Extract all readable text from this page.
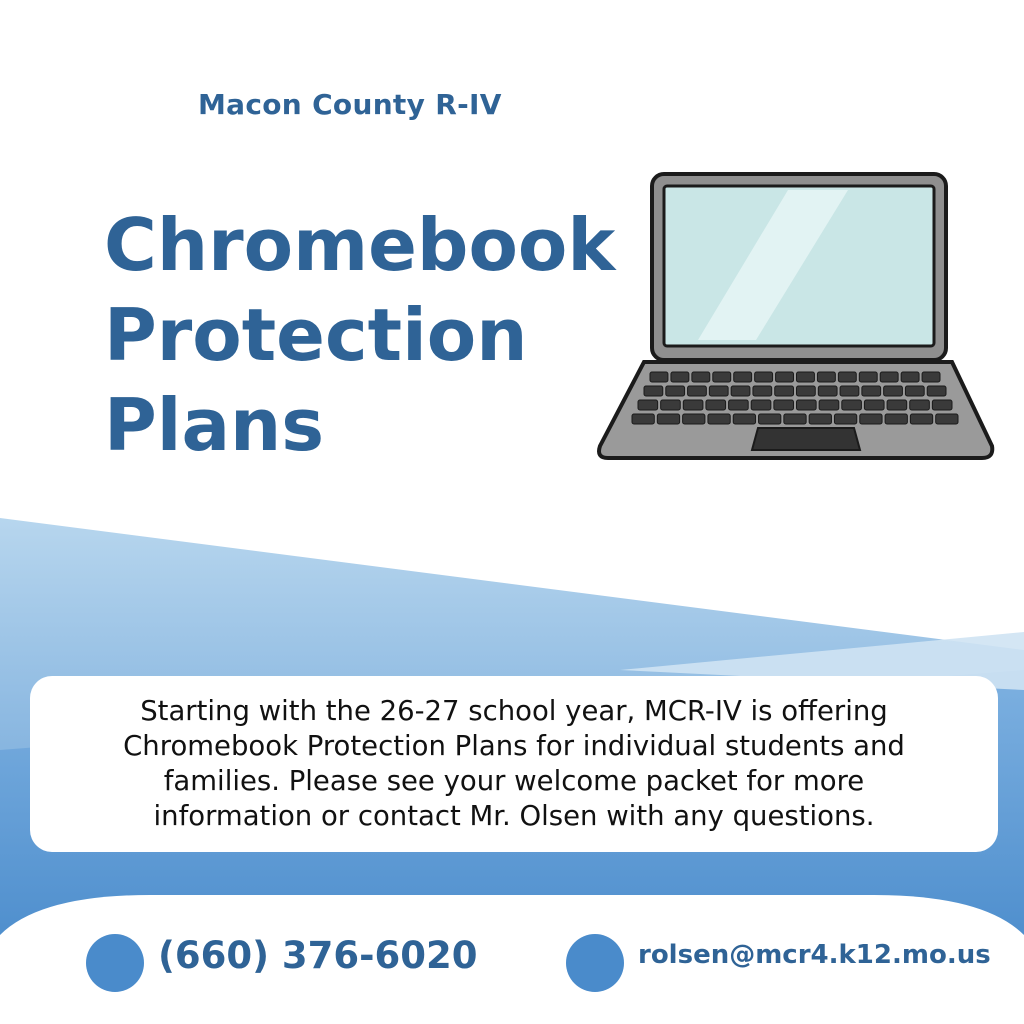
Macon County R-IV

Chromebook
Protection
Plans

Starting with the 26-27 school year, MCR-IV is offering
Chromebook Protection Plans for individual students and
families. Please see your welcome packet for more
information or contact Mr. Olsen with any questions.

(660) 376-6020	rolsen@mcr4.k12.mo.us
